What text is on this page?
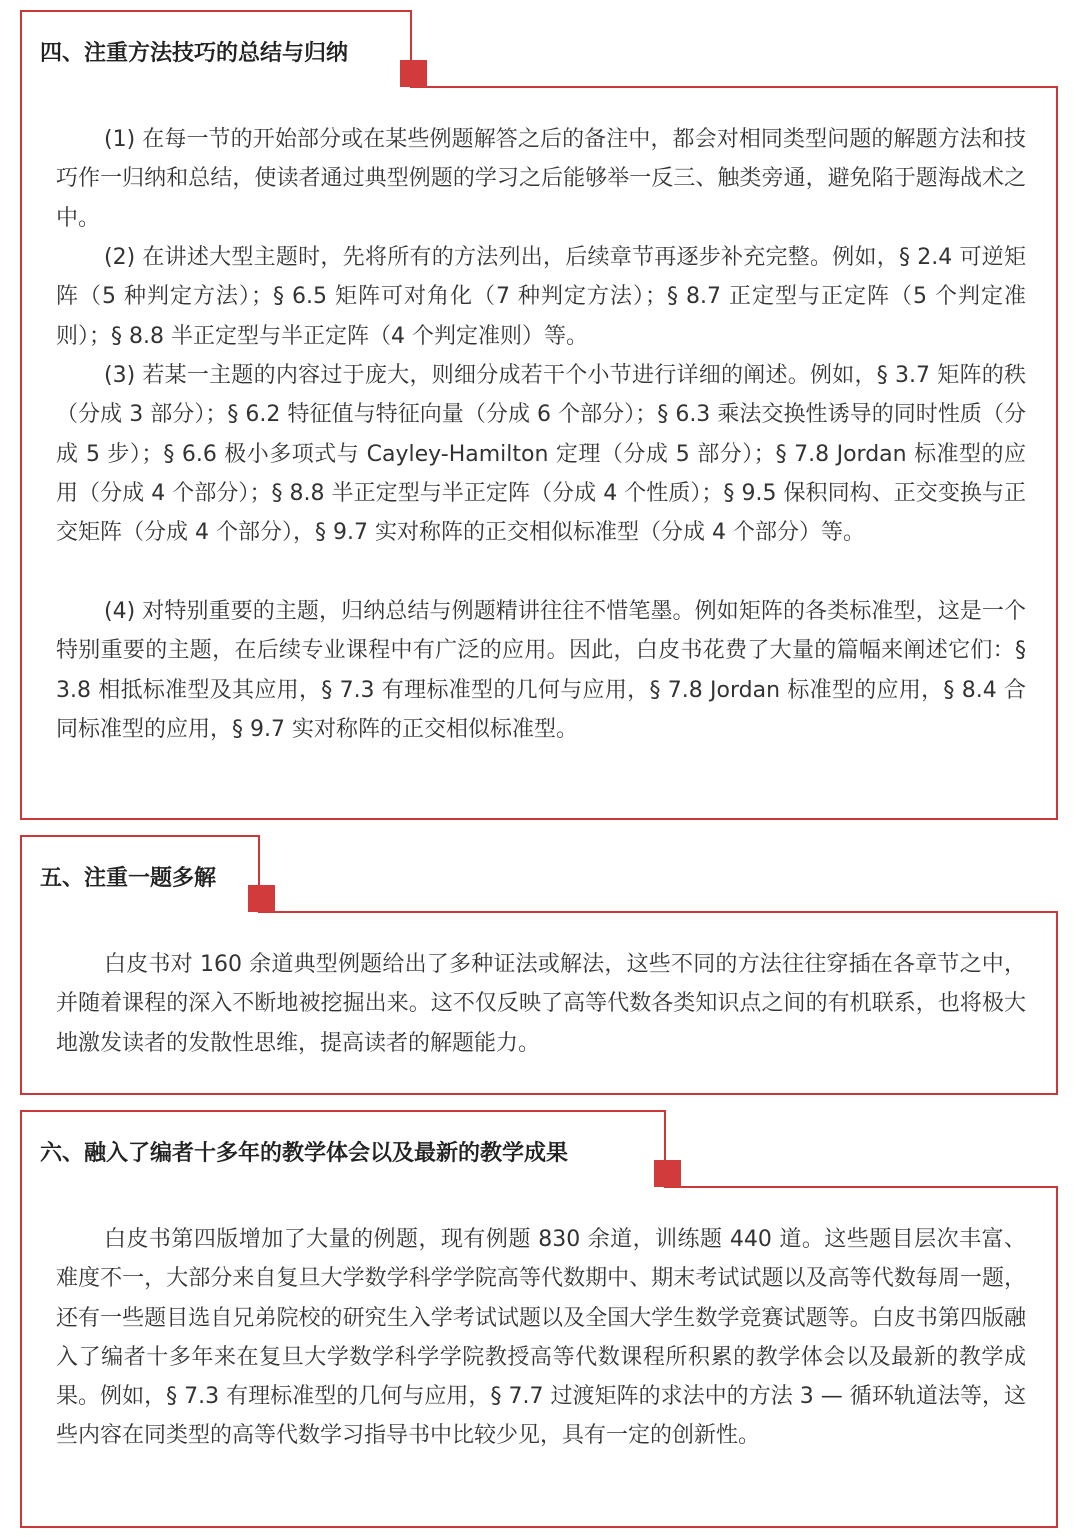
四、注重方法技巧的总结与归纳

(1) 在每一节的开始部分或在某些例题解答之后的备注中，都会对相同类型问题的解题方法和技巧作一归纳和总结，使读者通过典型例题的学习之后能够举一反三、触类旁通，避免陷于题海战术之中。

(2) 在讲述大型主题时，先将所有的方法列出，后续章节再逐步补充完整。例如，§ 2.4 可逆矩阵（5 种判定方法）；§ 6.5 矩阵可对角化（7 种判定方法）；§ 8.7 正定型与正定阵（5 个判定准则）；§ 8.8 半正定型与半正定阵（4 个判定准则）等。

(3) 若某一主题的内容过于庞大，则细分成若干个小节进行详细的阐述。例如，§ 3.7 矩阵的秩（分成 3 部分）；§ 6.2 特征值与特征向量（分成 6 个部分）；§ 6.3 乘法交换性诱导的同时性质（分成 5 步）；§ 6.6 极小多项式与 Cayley-Hamilton 定理（分成 5 部分）；§ 7.8 Jordan 标准型的应用（分成 4 个部分）；§ 8.8 半正定型与半正定阵（分成 4 个性质）；§ 9.5 保积同构、正交变换与正交矩阵（分成 4 个部分），§ 9.7 实对称阵的正交相似标准型（分成 4 个部分）等。

(4) 对特别重要的主题，归纳总结与例题精讲往往不惜笔墨。例如矩阵的各类标准型，这是一个特别重要的主题，在后续专业课程中有广泛的应用。因此，白皮书花费了大量的篇幅来阐述它们：§ 3.8 相抵标准型及其应用，§ 7.3 有理标准型的几何与应用，§ 7.8 Jordan 标准型的应用，§ 8.4 合同标准型的应用，§ 9.7 实对称阵的正交相似标准型。

五、注重一题多解

白皮书对 160 余道典型例题给出了多种证法或解法，这些不同的方法往往穿插在各章节之中，并随着课程的深入不断地被挖掘出来。这不仅反映了高等代数各类知识点之间的有机联系，也将极大地激发读者的发散性思维，提高读者的解题能力。

六、融入了编者十多年的教学体会以及最新的教学成果

白皮书第四版增加了大量的例题，现有例题 830 余道，训练题 440 道。这些题目层次丰富、难度不一，大部分来自复旦大学数学科学学院高等代数期中、期末考试试题以及高等代数每周一题，还有一些题目选自兄弟院校的研究生入学考试试题以及全国大学生数学竞赛试题等。白皮书第四版融入了编者十多年来在复旦大学数学科学学院教授高等代数课程所积累的教学体会以及最新的教学成果。例如，§ 7.3 有理标准型的几何与应用，§ 7.7 过渡矩阵的求法中的方法 3 — 循环轨道法等，这些内容在同类型的高等代数学习指导书中比较少见，具有一定的创新性。
